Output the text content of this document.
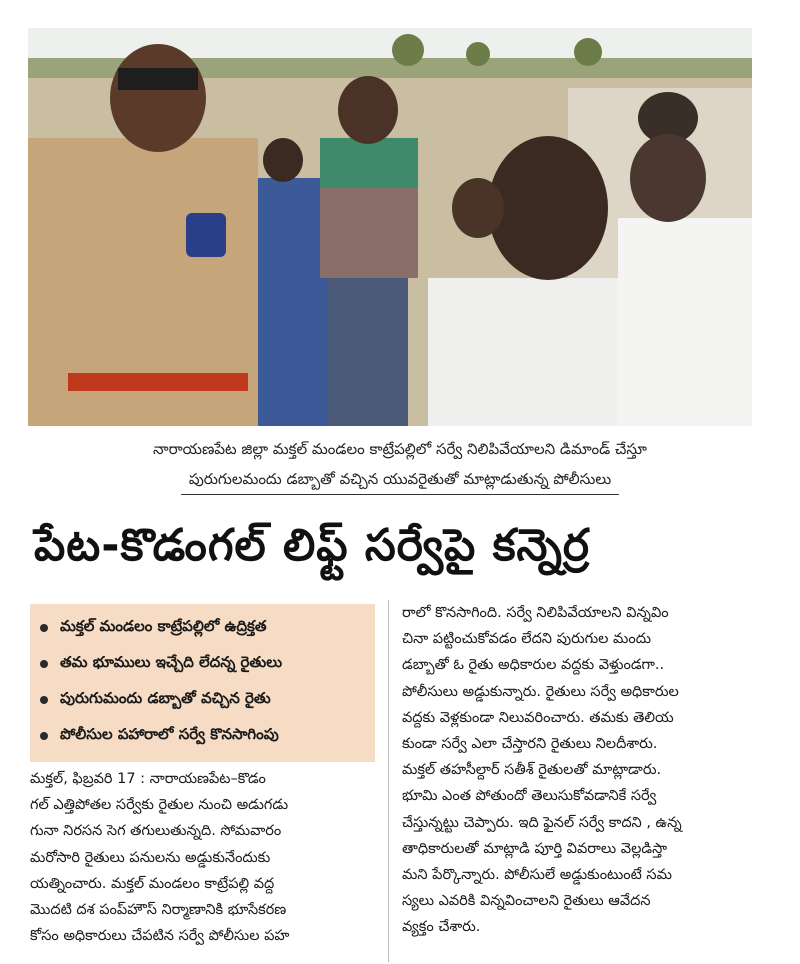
నారాయణపేట జిల్లా మక్తల్ మండలం కాట్రేపల్లిలో సర్వే నిలిపివేయాలని డిమాండ్ చేస్తూ
పురుగులమందు డబ్బాతో వచ్చిన యువరైతుతో మాట్లాడుతున్న పోలీసులు
పేట-కొడంగల్ లిఫ్ట్ సర్వేపై కన్నెర్ర
మక్తల్ మండలం కాట్రేపల్లిలో ఉద్రిక్తత
తమ భూములు ఇచ్చేది లేదన్న రైతులు
పురుగుమందు డబ్బాతో వచ్చిన రైతు
పోలీసుల పహారాలో సర్వే కొనసాగింపు
మక్తల్, ఫిబ్రవరి 17 : నారాయణపేట–కొడం
గల్ ఎత్తిపోతల సర్వేకు రైతుల నుంచి అడుగడు
గునా నిరసన సెగ తగులుతున్నది. సోమవారం
మరోసారి రైతులు పనులను అడ్డుకునేందుకు
యత్నించారు. మక్తల్ మండలం కాట్రేపల్లి వద్ద
మొదటి దశ పంప్‌హౌస్ నిర్మాణానికి భూసేకరణ
కోసం అధికారులు చేపటిన సర్వే పోలీసుల పహ
రాలో కొనసాగింది. సర్వే నిలిపివేయాలని విన్నవిం
చినా పట్టించుకోవడం లేదని పురుగుల మందు
డబ్బాతో ఓ రైతు అధికారుల వద్దకు వెళ్తుండగా..
పోలీసులు అడ్డుకున్నారు. రైతులు సర్వే అధికారుల
వద్దకు వెళ్లకుండా నిలువరించారు. తమకు తెలియ
కుండా సర్వే ఎలా చేస్తారని రైతులు నిలదీశారు.
మక్తల్ తహసీల్దార్ సతీశ్ రైతులతో మాట్లాడారు.
భూమి ఎంత పోతుందో తెలుసుకోవడానికే సర్వే
చేస్తున్నట్టు చెప్పారు. ఇది ఫైనల్ సర్వే కాదని , ఉన్న
తాధికారులతో మాట్లాడి పూర్తి వివరాలు వెల్లడిస్తా
మని పేర్కొన్నారు. పోలీసులే అడ్డుకుంటుంటే సమ
స్యలు ఎవరికి విన్నవించాలని రైతులు ఆవేదన
వ్యక్తం చేశారు.
